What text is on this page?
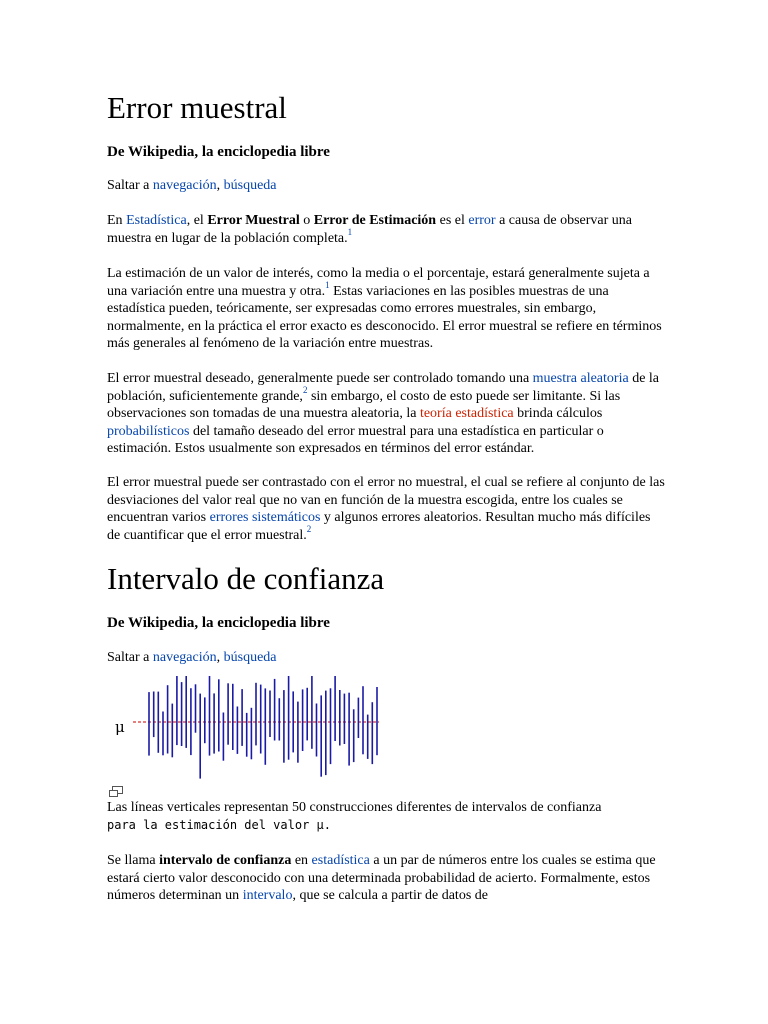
Error muestral
De Wikipedia, la enciclopedia libre
Saltar a navegación, búsqueda

En Estadística, el Error Muestral o Error de Estimación es el error a causa de observar una muestra en lugar de la población completa.$^1$

La estimación de un valor de interés, como la media o el porcentaje, estará generalmente sujeta a una variación entre una muestra y otra.$^1$ Estas variaciones en las posibles muestras de una estadística pueden, teóricamente, ser expresadas como errores muestrales, sin embargo, normalmente, en la práctica el error exacto es desconocido. El error muestral se refiere en términos más generales al fenómeno de la variación entre muestras.

El error muestral deseado, generalmente puede ser controlado tomando una muestra aleatoria de la población, suficientemente grande,$^2$ sin embargo, el costo de esto puede ser limitante. Si las observaciones son tomadas de una muestra aleatoria, la teoría estadística brinda cálculos probabilísticos del tamaño deseado del error muestral para una estadística en particular o estimación. Estos usualmente son expresados en términos del error estándar.

El error muestral puede ser contrastado con el error no muestral, el cual se refiere al conjunto de las desviaciones del valor real que no van en función de la muestra escogida, entre los cuales se encuentran varios errores sistemáticos y algunos errores aleatorios. Resultan mucho más difíciles de cuantificar que el error muestral.$^2$

Intervalo de confianza
De Wikipedia, la enciclopedia libre
Saltar a navegación, búsqueda
μ

Las líneas verticales representan 50 construcciones diferentes de intervalos de confianza

para la estimación del valor μ.

Se llama intervalo de confianza en estadística a un par de números entre los cuales se estima que estará cierto valor desconocido con una determinada probabilidad de acierto. Formalmente, estos números determinan un intervalo, que se calcula a partir de datos de
